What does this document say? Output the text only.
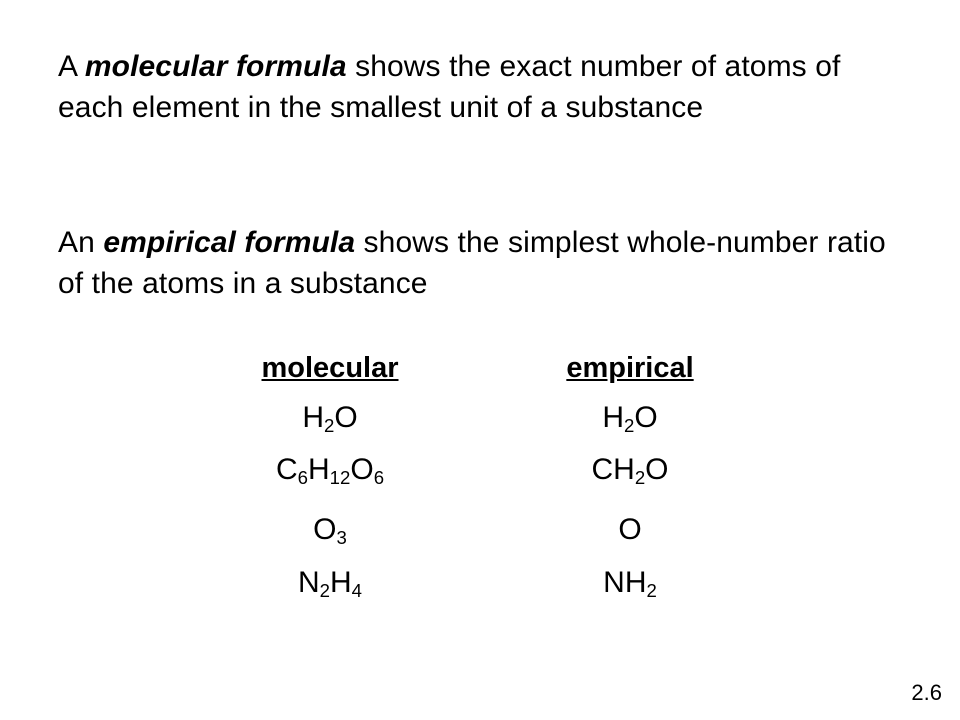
A molecular formula shows the exact number of atoms of each element in the smallest unit of a substance
An empirical formula shows the simplest whole-number ratio of the atoms in a substance
molecular	empirical
$H_2O$	$H_2O$
$C_6H_{12}O_6$	$CH_2O$
$O_3$	O
$N_2H_4$	$NH_2$
2.6
